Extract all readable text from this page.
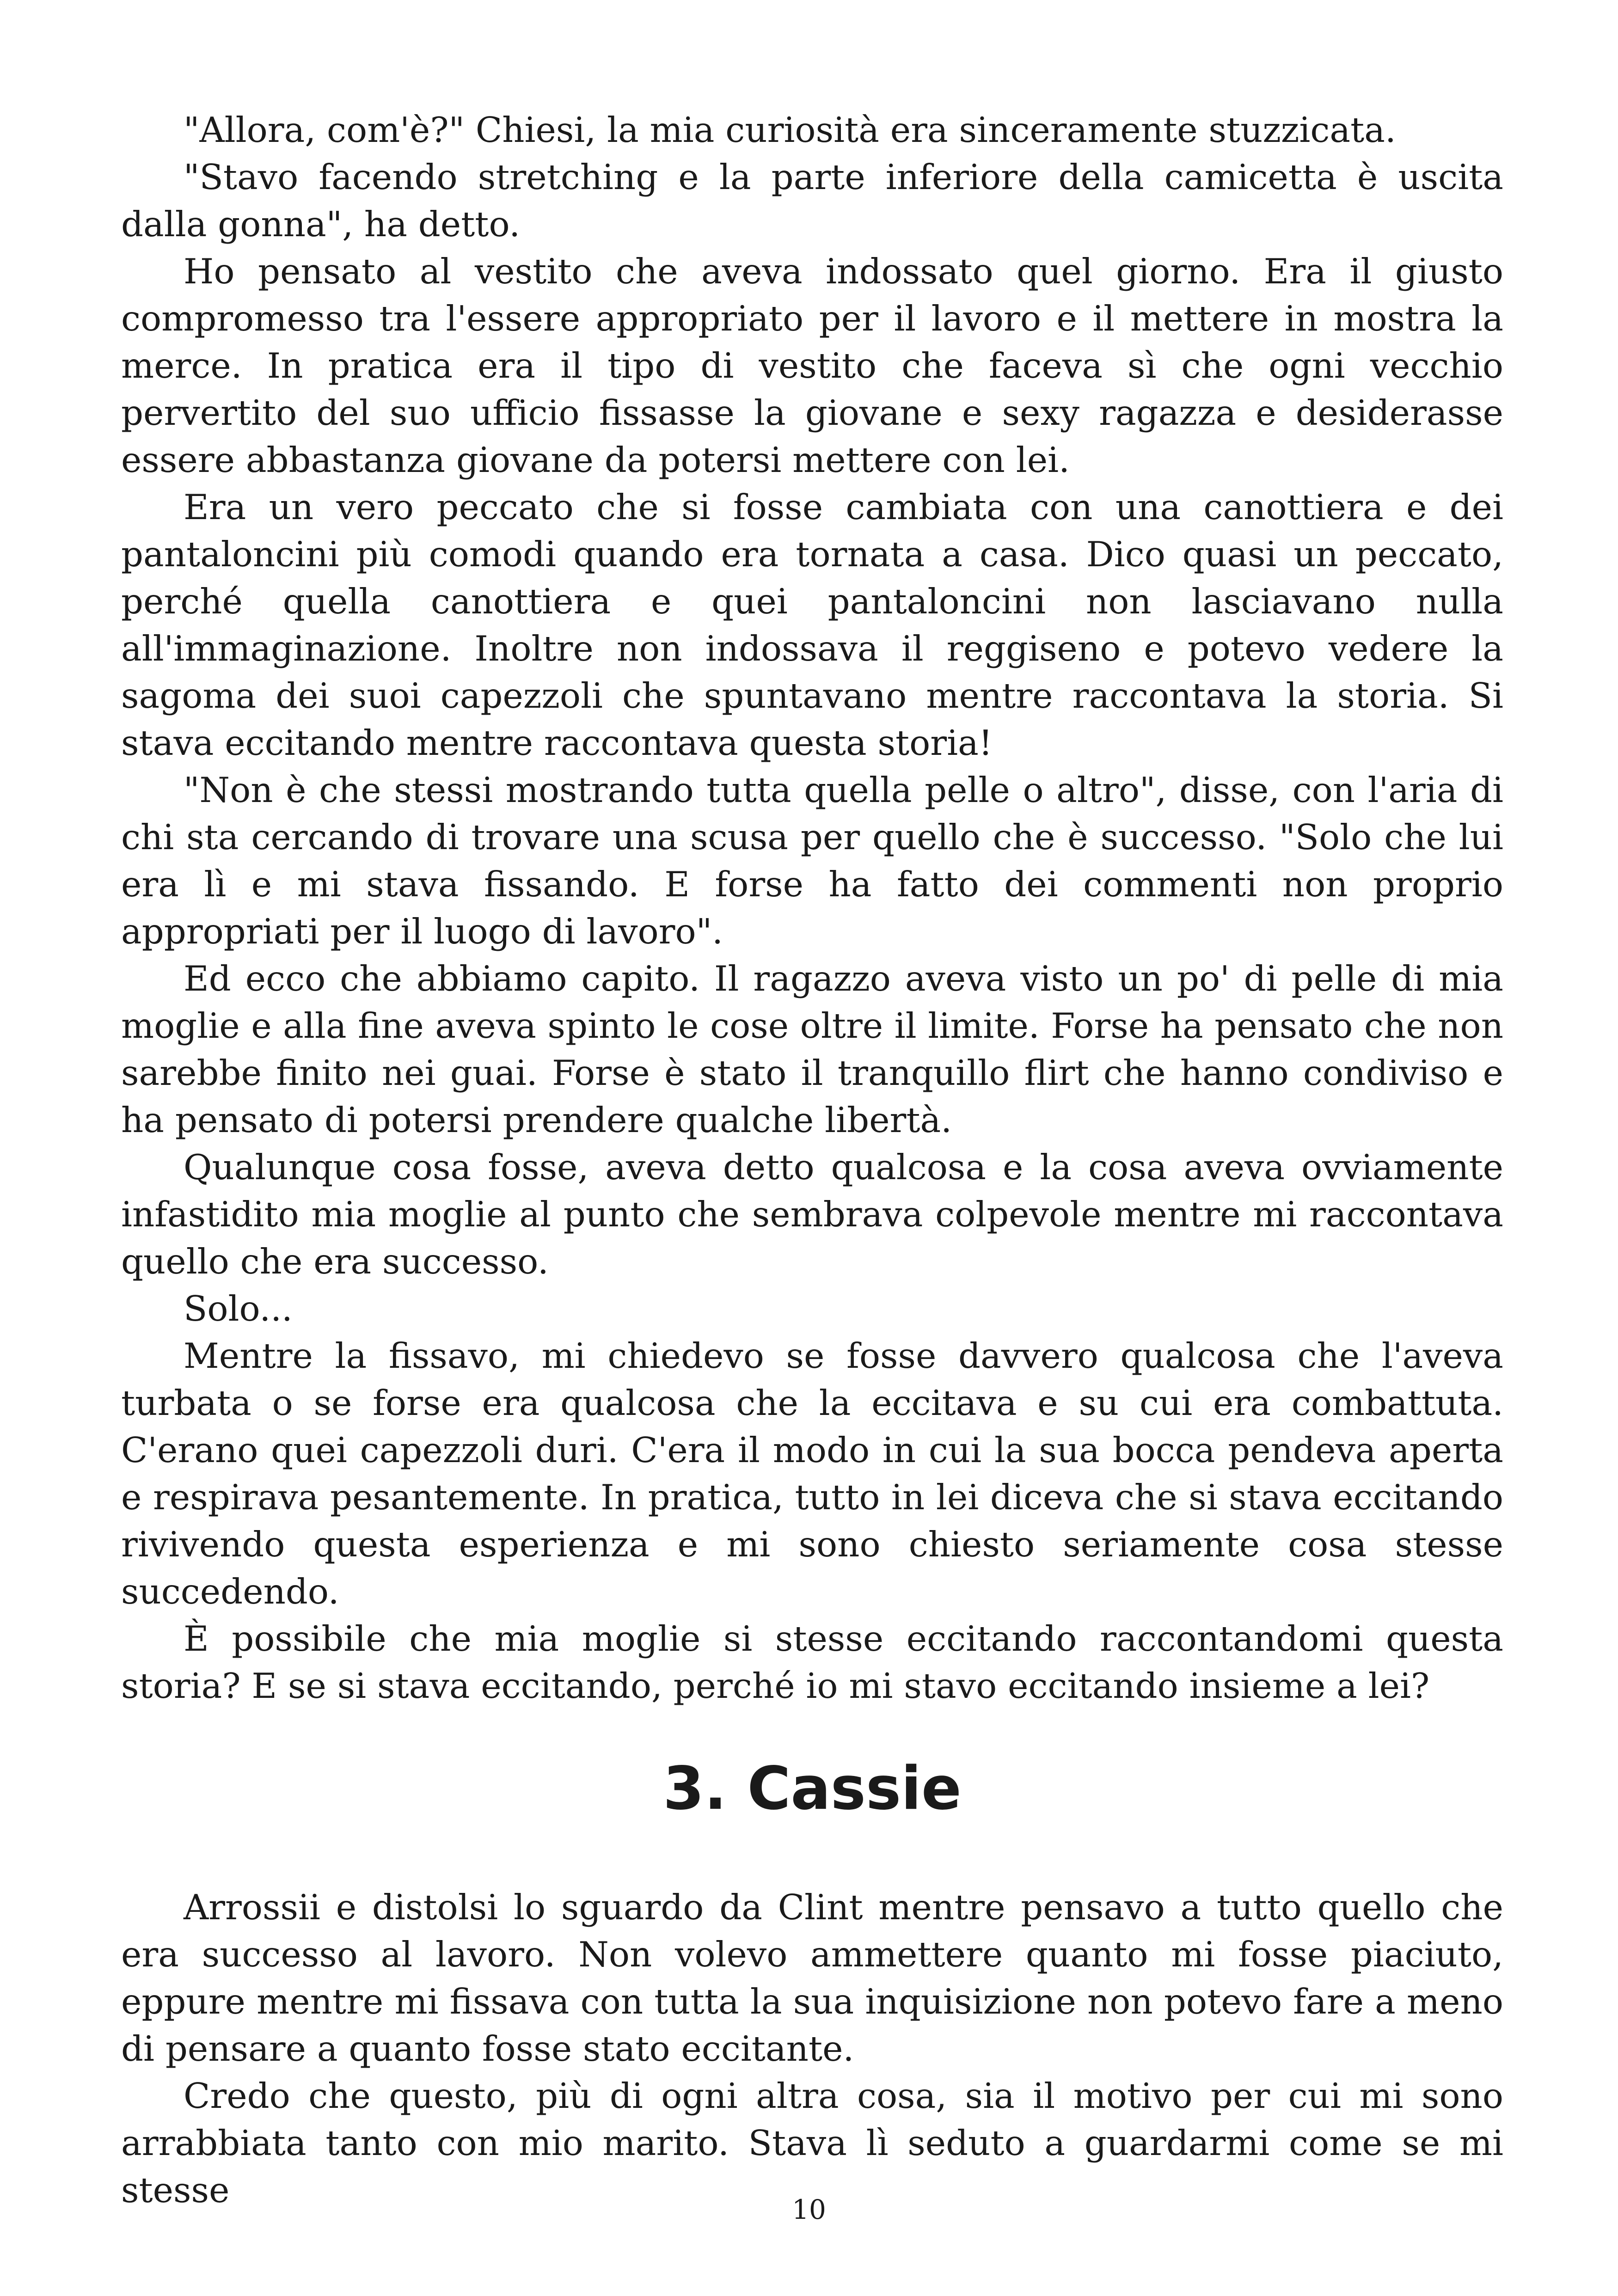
"Allora, com'è?" Chiesi, la mia curiosità era sinceramente stuzzicata.

"Stavo facendo stretching e la parte inferiore della camicetta è uscita dalla gonna", ha detto.

Ho pensato al vestito che aveva indossato quel giorno. Era il giusto compromesso tra l'essere appropriato per il lavoro e il mettere in mostra la merce. In pratica era il tipo di vestito che faceva sì che ogni vecchio pervertito del suo ufficio fissasse la giovane e sexy ragazza e desiderasse essere abbastanza giovane da potersi mettere con lei.

Era un vero peccato che si fosse cambiata con una canottiera e dei pantaloncini più comodi quando era tornata a casa. Dico quasi un peccato, perché quella canottiera e quei pantaloncini non lasciavano nulla all'immaginazione. Inoltre non indossava il reggiseno e potevo vedere la sagoma dei suoi capezzoli che spuntavano mentre raccontava la storia. Si stava eccitando mentre raccontava questa storia!

"Non è che stessi mostrando tutta quella pelle o altro", disse, con l'aria di chi sta cercando di trovare una scusa per quello che è successo. "Solo che lui era lì e mi stava fissando. E forse ha fatto dei commenti non proprio appropriati per il luogo di lavoro".

Ed ecco che abbiamo capito. Il ragazzo aveva visto un po' di pelle di mia moglie e alla fine aveva spinto le cose oltre il limite. Forse ha pensato che non sarebbe finito nei guai. Forse è stato il tranquillo flirt che hanno condiviso e ha pensato di potersi prendere qualche libertà.

Qualunque cosa fosse, aveva detto qualcosa e la cosa aveva ovviamente infastidito mia moglie al punto che sembrava colpevole mentre mi raccontava quello che era successo.

Solo...

Mentre la fissavo, mi chiedevo se fosse davvero qualcosa che l'aveva turbata o se forse era qualcosa che la eccitava e su cui era combattuta. C'erano quei capezzoli duri. C'era il modo in cui la sua bocca pendeva aperta e respirava pesantemente. In pratica, tutto in lei diceva che si stava eccitando rivivendo questa esperienza e mi sono chiesto seriamente cosa stesse succedendo.

È possibile che mia moglie si stesse eccitando raccontandomi questa storia? E se si stava eccitando, perché io mi stavo eccitando insieme a lei?

3. Cassie

Arrossii e distolsi lo sguardo da Clint mentre pensavo a tutto quello che era successo al lavoro. Non volevo ammettere quanto mi fosse piaciuto, eppure mentre mi fissava con tutta la sua inquisizione non potevo fare a meno di pensare a quanto fosse stato eccitante.

Credo che questo, più di ogni altra cosa, sia il motivo per cui mi sono arrabbiata tanto con mio marito. Stava lì seduto a guardarmi come se mi stesse	10
